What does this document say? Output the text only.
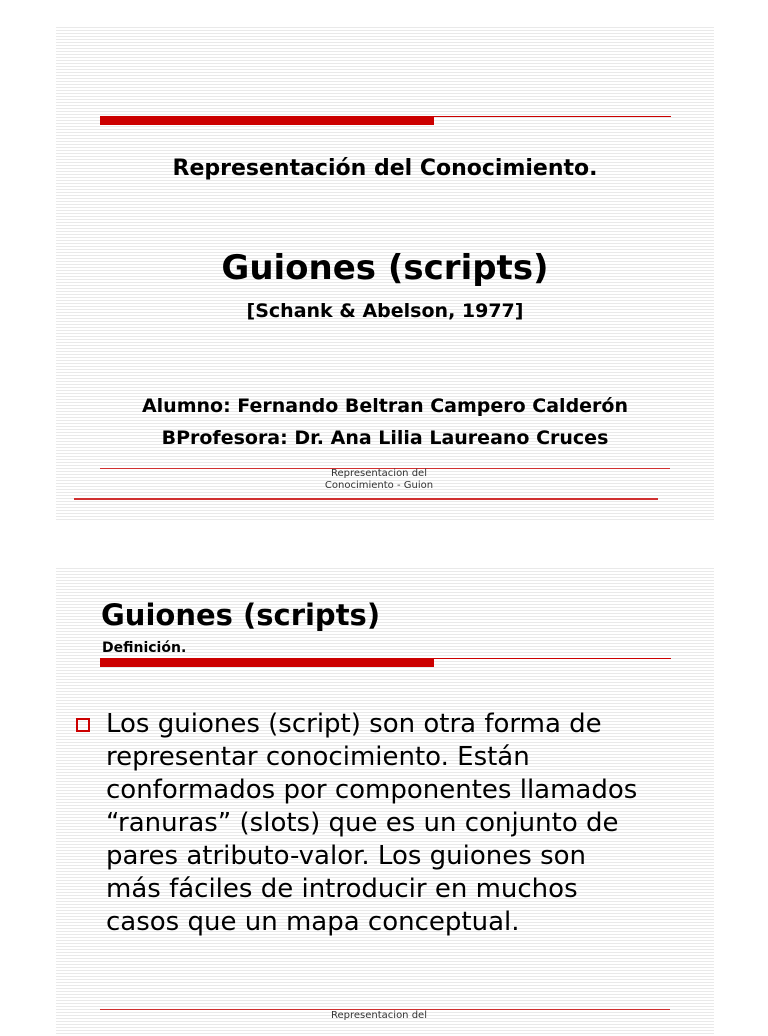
Representación del Conocimiento.
Guiones (scripts)
[Schank & Abelson, 1977]
Alumno: Fernando Beltran Campero Calderón
BProfesora: Dr. Ana Lilia Laureano Cruces
Representacion del
Conocimiento - Guion
Guiones (scripts)
Definición.
Los guiones (script) son otra forma de
representar conocimiento. Están
conformados por componentes llamados
“ranuras” (slots) que es un conjunto de
pares atributo-valor. Los guiones son
más fáciles de introducir en muchos
casos que un mapa conceptual.
Representacion del
